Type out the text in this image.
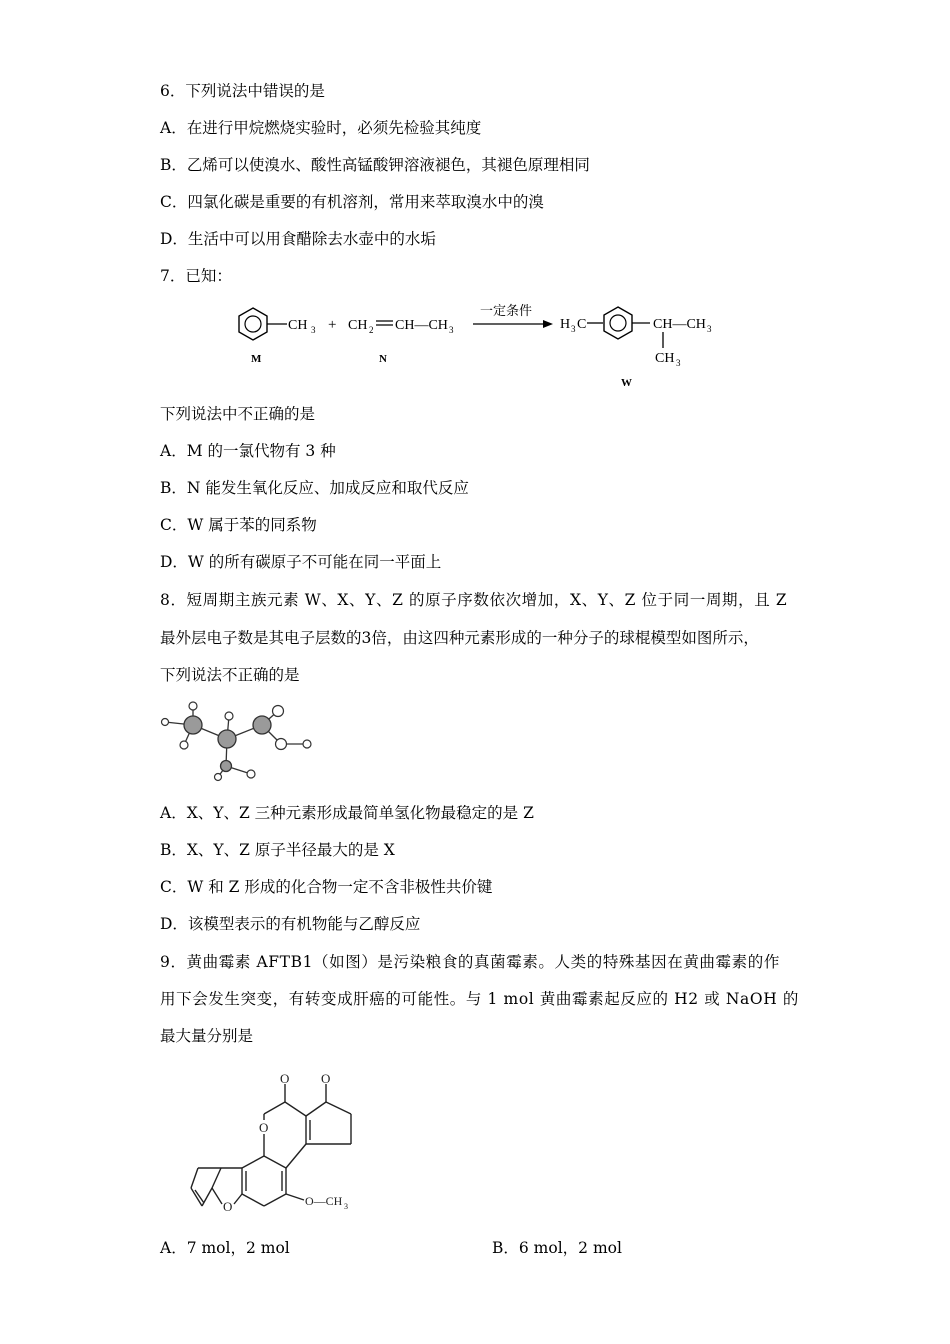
6．下列说法中错误的是
A．在进行甲烷燃烧实验时，必须先检验其纯度
B．乙烯可以使溴水、酸性高锰酸钾溶液褪色，其褪色原理相同
C．四氯化碳是重要的有机溶剂，常用来萃取溴水中的溴
D．生活中可以用食醋除去水壶中的水垢
7．已知：
CH 3
M
+ CH 2 CH—CH 3
N
一定条件
H 3 C	CH—CH 3
CH 3
W
下列说法中不正确的是
A．M 的一氯代物有 3 种
B．N 能发生氧化反应、加成反应和取代反应
C．W 属于苯的同系物
D．W 的所有碳原子不可能在同一平面上
8．短周期主族元素 W、X、Y、Z 的原子序数依次增加，X、Y、Z 位于同一周期，且 Z
最外层电子数是其电子层数的3倍，由这四种元素形成的一种分子的球棍模型如图所示，
下列说法不正确的是
A．X、Y、Z 三种元素形成最简单氢化物最稳定的是 Z
B．X、Y、Z 原子半径最大的是 X
C．W 和 Z 形成的化合物一定不含非极性共价键
D．该模型表示的有机物能与乙醇反应
9．黄曲霉素 AFTB1（如图）是污染粮食的真菌霉素。人类的特殊基因在黄曲霉素的作
用下会发生突变，有转变成肝癌的可能性。与 1 mol 黄曲霉素起反应的 H2 或 NaOH 的
最大量分别是
O O
O
O	O—CH 3
A．7 mol，2 mol	B．6 mol，2 mol
